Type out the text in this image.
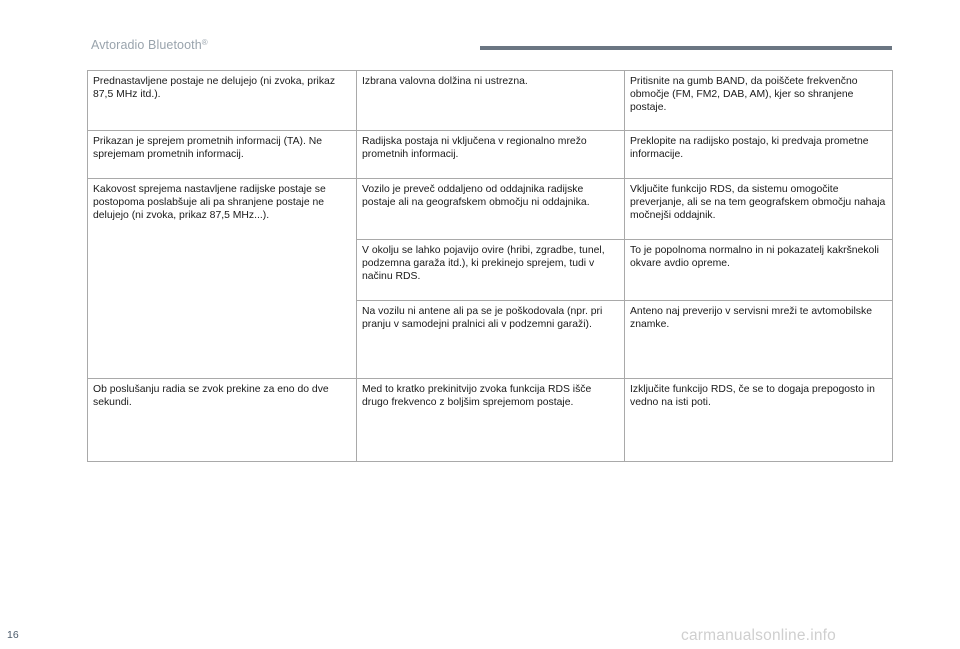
Avtoradio Bluetooth®
Prednastavljene postaje ne delujejo (ni zvoka, prikaz 87,5 MHz itd.).	Izbrana valovna dolžina ni ustrezna.	Pritisnite na gumb BAND, da poiščete frekvenčno območje (FM, FM2, DAB, AM), kjer so shranjene postaje.
Prikazan je sprejem prometnih informacij (TA). Ne sprejemam prometnih informacij.	Radijska postaja ni vključena v regionalno mrežo prometnih informacij.	Preklopite na radijsko postajo, ki predvaja prometne informacije.
Kakovost sprejema nastavljene radijske postaje se postopoma poslabšuje ali pa shranjene postaje ne delujejo (ni zvoka, prikaz 87,5 MHz...).	Vozilo je preveč oddaljeno od oddajnika radijske postaje ali na geografskem območju ni oddajnika.	Vključite funkcijo RDS, da sistemu omogočite preverjanje, ali se na tem geografskem območju nahaja močnejši oddajnik.
	V okolju se lahko pojavijo ovire (hribi, zgradbe, tunel, podzemna garaža itd.), ki prekinejo sprejem, tudi v načinu RDS.	To je popolnoma normalno in ni pokazatelj kakršnekoli okvare avdio opreme.
	Na vozilu ni antene ali pa se je poškodovala (npr. pri pranju v samodejni pralnici ali v podzemni garaži).	Anteno naj preverijo v servisni mreži te avtomobilske znamke.
Ob poslušanju radia se zvok prekine za eno do dve sekundi.	Med to kratko prekinitvijo zvoka funkcija RDS išče drugo frekvenco z boljšim sprejemom postaje.	Izključite funkcijo RDS, če se to dogaja prepogosto in vedno na isti poti.
16	carmanualsonline.info
